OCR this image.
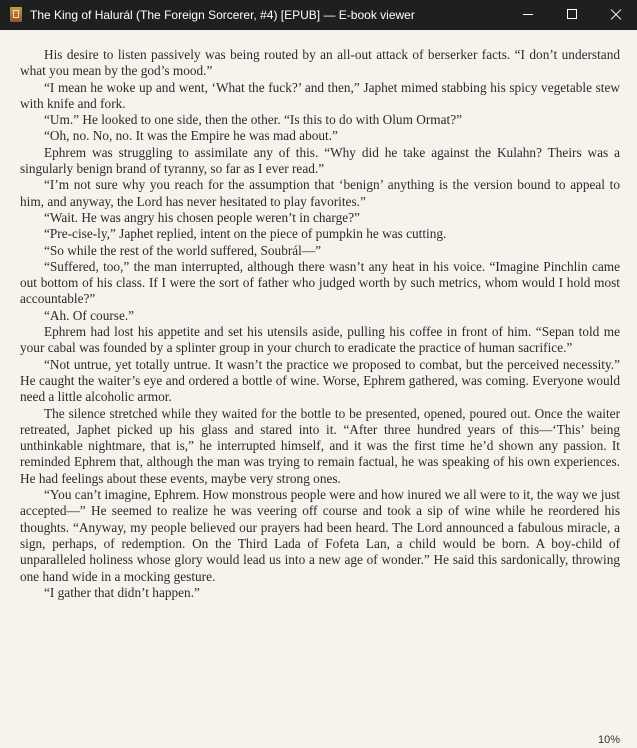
The King of Halurál (The Foreign Sorcerer, #4) [EPUB] — E-book viewer

His desire to listen passively was being routed by an all-out attack of berserker facts. “I don’t understand what you mean by the god’s mood.”

“I mean he woke up and went, ‘What the fuck?’ and then,” Japhet mimed stabbing his spicy vegetable stew with knife and fork.

“Um.” He looked to one side, then the other. “Is this to do with Olum Ormat?”

“Oh, no. No, no. It was the Empire he was mad about.”

Ephrem was struggling to assimilate any of this. “Why did he take against the Kulahn? Theirs was a singularly benign brand of tyranny, so far as I ever read.”

“I’m not sure why you reach for the assumption that ‘benign’ anything is the version bound to appeal to him, and anyway, the Lord has never hesitated to play favorites.”

“Wait. He was angry his chosen people weren’t in charge?”

“Pre-cise-ly,” Japhet replied, intent on the piece of pumpkin he was cutting.

“So while the rest of the world suffered, Soubrál—”

“Suffered, too,” the man interrupted, although there wasn’t any heat in his voice. “Imagine Pinchlin came out bottom of his class. If I were the sort of father who judged worth by such metrics, whom would I hold most accountable?”

“Ah. Of course.”

Ephrem had lost his appetite and set his utensils aside, pulling his coffee in front of him. “Sepan told me your cabal was founded by a splinter group in your church to eradicate the practice of human sacrifice.”

“Not untrue, yet totally untrue. It wasn’t the practice we proposed to combat, but the perceived necessity.” He caught the waiter’s eye and ordered a bottle of wine. Worse, Ephrem gathered, was coming. Everyone would need a little alcoholic armor.

The silence stretched while they waited for the bottle to be presented, opened, poured out. Once the waiter retreated, Japhet picked up his glass and stared into it. “After three hundred years of this—‘This’ being unthinkable nightmare, that is,” he interrupted himself, and it was the first time he’d shown any passion. It reminded Ephrem that, although the man was trying to remain factual, he was speaking of his own experiences. He had feelings about these events, maybe very strong ones.

“You can’t imagine, Ephrem. How monstrous people were and how inured we all were to it, the way we just accepted—” He seemed to realize he was veering off course and took a sip of wine while he reordered his thoughts. “Anyway, my people believed our prayers had been heard. The Lord announced a fabulous miracle, a sign, perhaps, of redemption. On the Third Lada of Fofeta Lan, a child would be born. A boy-child of unparalleled holiness whose glory would lead us into a new age of wonder.” He said this sardonically, throwing one hand wide in a mocking gesture.

“I gather that didn’t happen.”

10%
